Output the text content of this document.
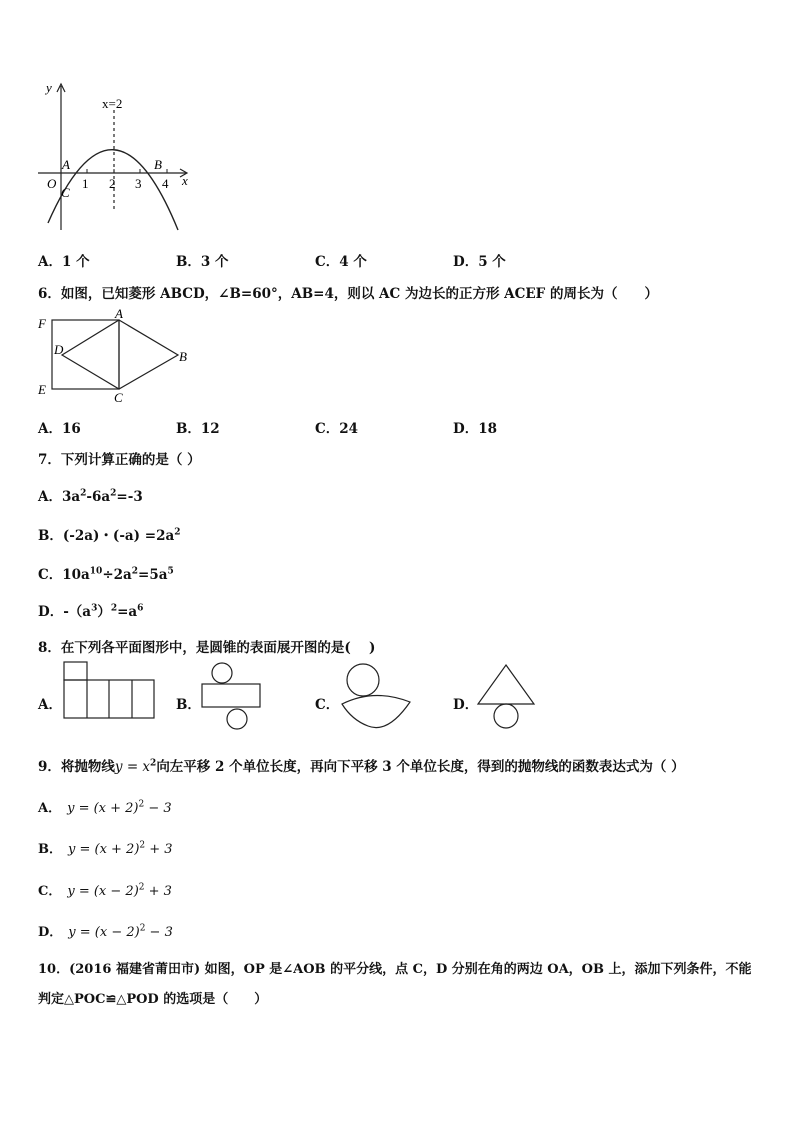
y
x
O
x=2
A	B
C
1 2 3 4
A．1 个	B．3 个	C．4 个	D．5 个
6．如图，已知菱形 ABCD，∠B=60°，AB=4，则以 AC 为边长的正方形 ACEF 的周长为（　　）
F
A
D	B
E
C
A．16	B．12	C．24	D．18
7．下列计算正确的是（ ）
A．$3a^2-6a^2=-3$
B．(-2a)・$(-a) =2a^2$
C．$10a^{10}\div 2a^2=5a^5$
D．$-(a^3)^2=a^6$
8．在下列各平面图形中，是圆锥的表面展开图的是(　 )
A．	B．	C．	D．
9．将抛物线$y = x^2$向左平移 2 个单位长度，再向下平移 3 个单位长度，得到的抛物线的函数表达式为（ ）
A． $y = (x + 2)^2 - 3$
B． $y = (x + 2)^2 + 3$
C． $y = (x - 2)^2 + 3$
D． $y = (x - 2)^2 - 3$
10．(2016 福建省莆田市) 如图，OP 是∠AOB 的平分线，点 C，D 分别在角的两边 OA，OB 上，添加下列条件，不能
判定△POC≌△POD 的选项是（　　）
